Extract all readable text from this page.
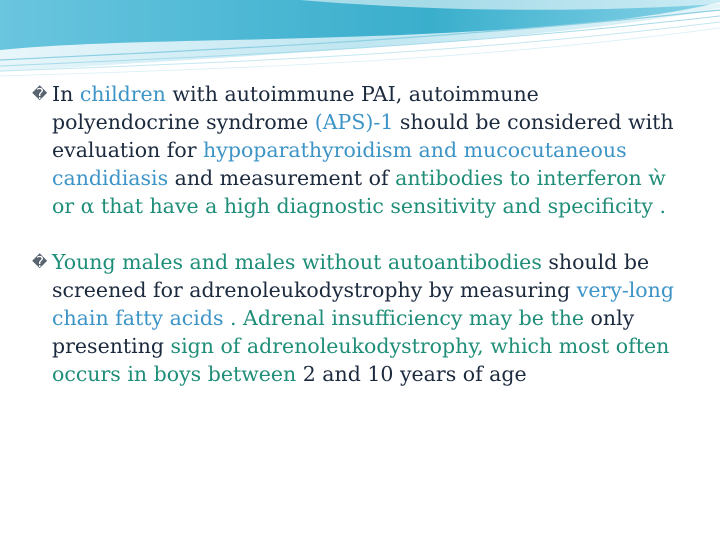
� In children with autoimmune PAI, autoimmune polyendocrine syndrome (APS)-1 should be considered with evaluation for hypoparathyroidism and mucocutaneous candidiasis and measurement of antibodies to interferon ẁ or α that have a high diagnostic sensitivity and specificity .

� Young males and males without autoantibodies should be screened for adrenoleukodystrophy by measuring very-long chain fatty acids . Adrenal insufficiency may be the only presenting sign of adrenoleukodystrophy, which most often occurs in boys between 2 and 10 years of age
